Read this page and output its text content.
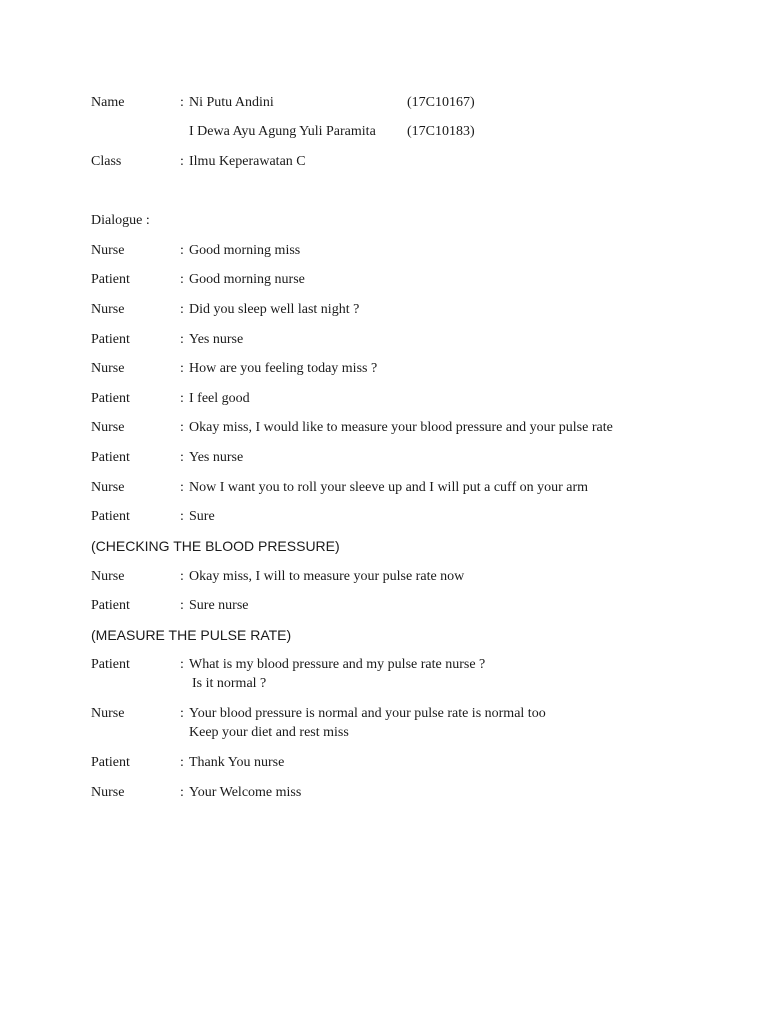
Name	: Ni Putu Andini	(17C10167)
I Dewa Ayu Agung Yuli Paramita (17C10183)
Class	: Ilmu Keperawatan C
Dialogue :
Nurse	: Good morning miss
Patient	: Good morning nurse
Nurse	: Did you sleep well last night ?
Patient	: Yes nurse
Nurse	: How are you feeling today miss ?
Patient	: I feel good
Nurse	: Okay miss, I would like to measure your blood pressure and your pulse rate
Patient	: Yes nurse
Nurse	: Now I want you to roll your sleeve up and I will put a cuff on your arm
Patient	: Sure
(CHECKING THE BLOOD PRESSURE)
Nurse	: Okay miss, I will to measure your pulse rate now
Patient	: Sure nurse
(MEASURE THE PULSE RATE)
Patient	: What is my blood pressure and my pulse rate nurse ?
Is it normal ?
Nurse	: Your blood pressure is normal and your pulse rate is normal too
Keep your diet and rest miss
Patient	: Thank You nurse
Nurse	: Your Welcome miss
